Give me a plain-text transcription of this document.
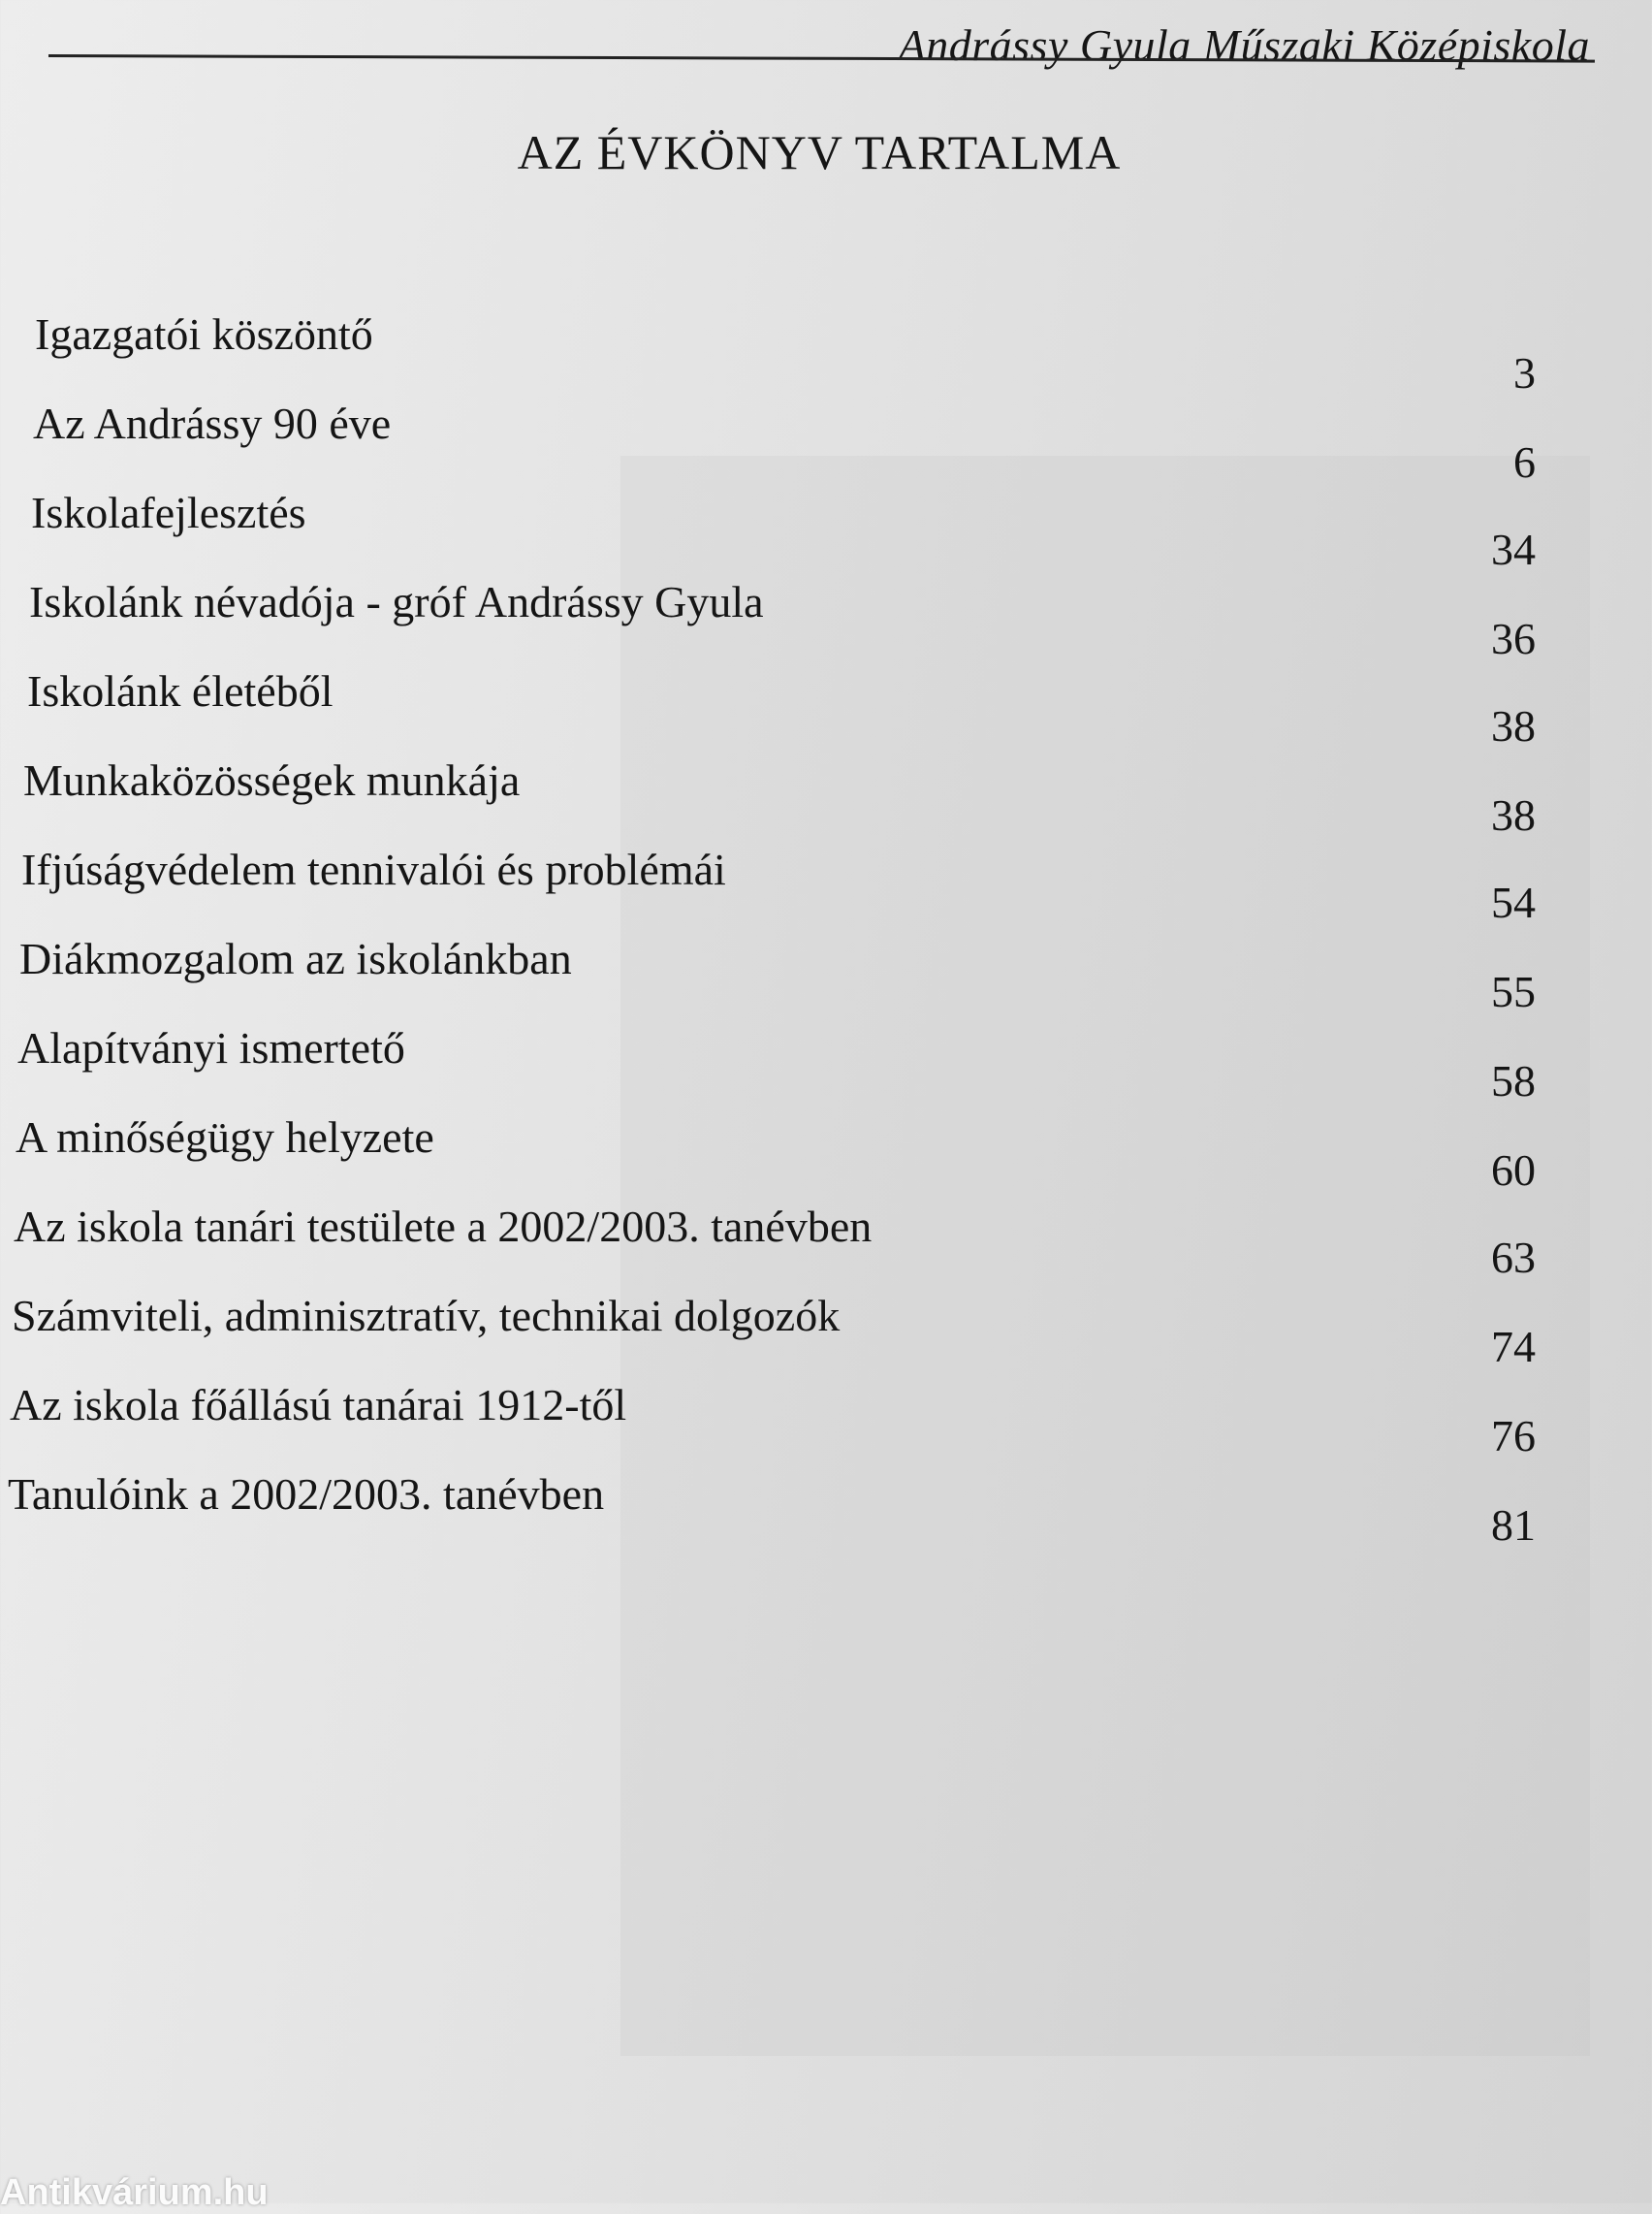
Andrássy Gyula Műszaki Középiskola
AZ ÉVKÖNYV TARTALMA
Igazgatói köszöntő
3
Az Andrássy 90 éve
6
Iskolafejlesztés
34
Iskolánk névadója - gróf Andrássy Gyula
36
Iskolánk életéből
38
Munkaközösségek munkája
38
Ifjúságvédelem tennivalói és problémái
54
Diákmozgalom az iskolánkban
55
Alapítványi ismertető
58
A minőségügy helyzete
60
Az iskola tanári testülete a 2002/2003. tanévben
63
Számviteli, adminisztratív, technikai dolgozók
74
Az iskola főállású tanárai 1912-től
76
Tanulóink a 2002/2003. tanévben
81
Antikvárium.hu
